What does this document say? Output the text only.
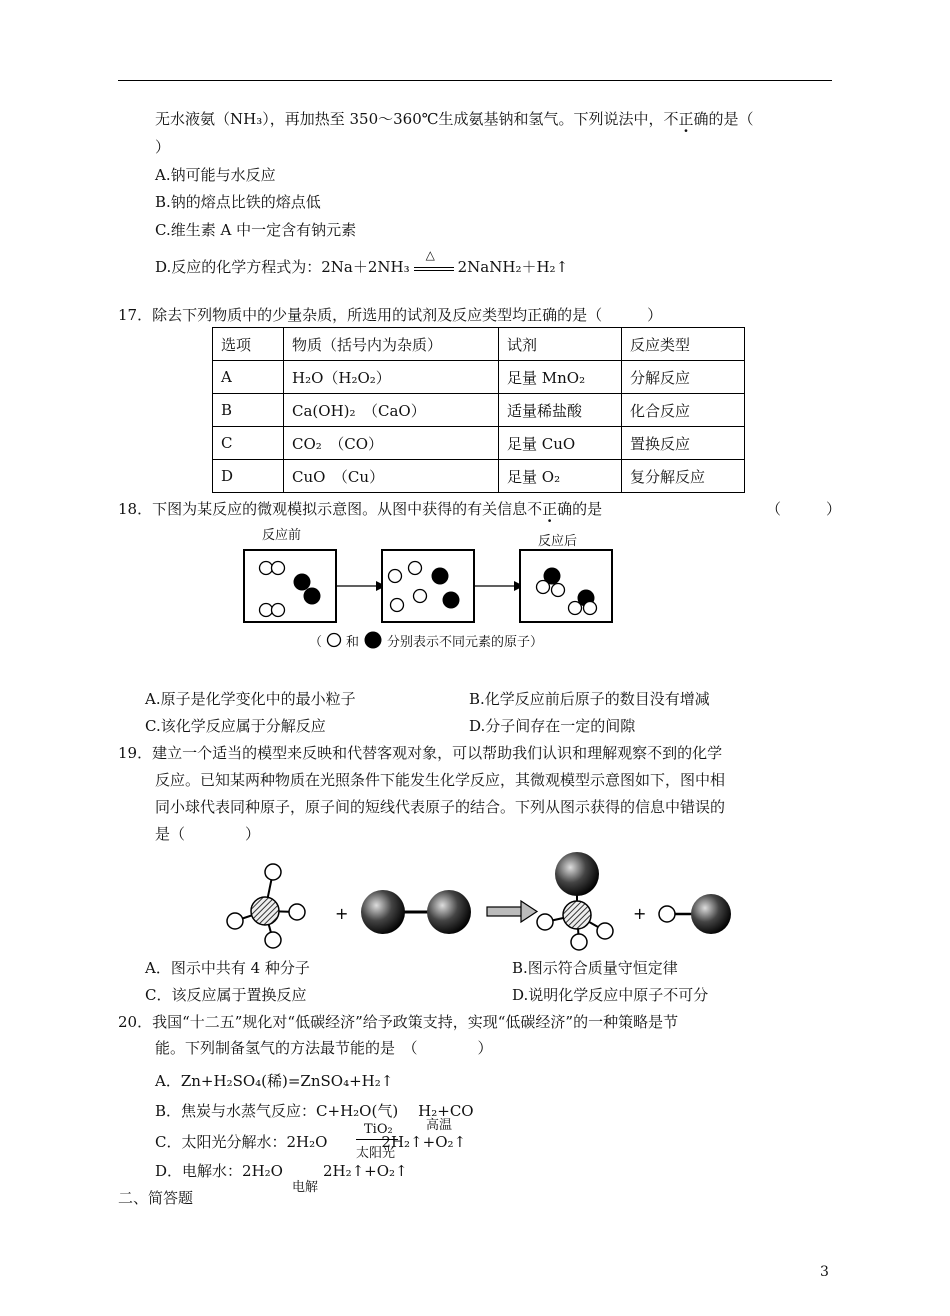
无水液氨（NH₃），再加热至 350～360℃生成氨基钠和氢气。下列说法中，不正确的是（
）
A.钠可能与水反应
B.钠的熔点比铁的熔点低
C.维生素 A 中一定含有钠元素
D.反应的化学方程式为：2Na＋2NH₃
△
2NaNH₂＋H₂↑
17．除去下列物质中的少量杂质，所选用的试剂及反应类型均正确的是（　　　）
选项	物质（括号内为杂质）	试剂	反应类型
A	H₂O（H₂O₂）	足量 MnO₂	分解反应
B	Ca(OH)₂　（CaO）	适量稀盐酸	化合反应
C	CO₂　（CO）	足量 CuO	置换反应
D	CuO　（Cu）	足量 O₂	复分解反应
18．下图为某反应的微观模拟示意图。从图中获得的有关信息不正确的是	（　　　）
反应前	反应后
（ 和 分别表示不同元素的原子）
A.原子是化学变化中的最小粒子	B.化学反应前后原子的数目没有增减
C.该化学反应属于分解反应	D.分子间存在一定的间隙
19．建立一个适当的模型来反映和代替客观对象，可以帮助我们认识和理解观察不到的化学
反应。已知某两种物质在光照条件下能发生化学反应，其微观模型示意图如下，图中相
同小球代表同种原子，原子间的短线代表原子的结合。下列从图示获得的信息中错误的
是（　　　　）
+	+
A．图示中共有 4 种分子	B.图示符合质量守恒定律
C．该反应属于置换反应	D.说明化学反应中原子不可分
20．我国“十二五”规化对“低碳经济”给予政策支持，实现“低碳经济”的一种策略是节
能。下列制备氢气的方法最节能的是　（　　　　）
A．Zn+H₂SO₄(稀)=ZnSO₄+H₂↑
B．焦炭与水蒸气反应：C+H₂O(气) H₂+CO
高温
C．太阳光分解水：2H₂O	2H₂↑+O₂↑
TiO₂
太阳光
D．电解水：2H₂O	2H₂↑+O₂↑
电解
二、简答题
3
